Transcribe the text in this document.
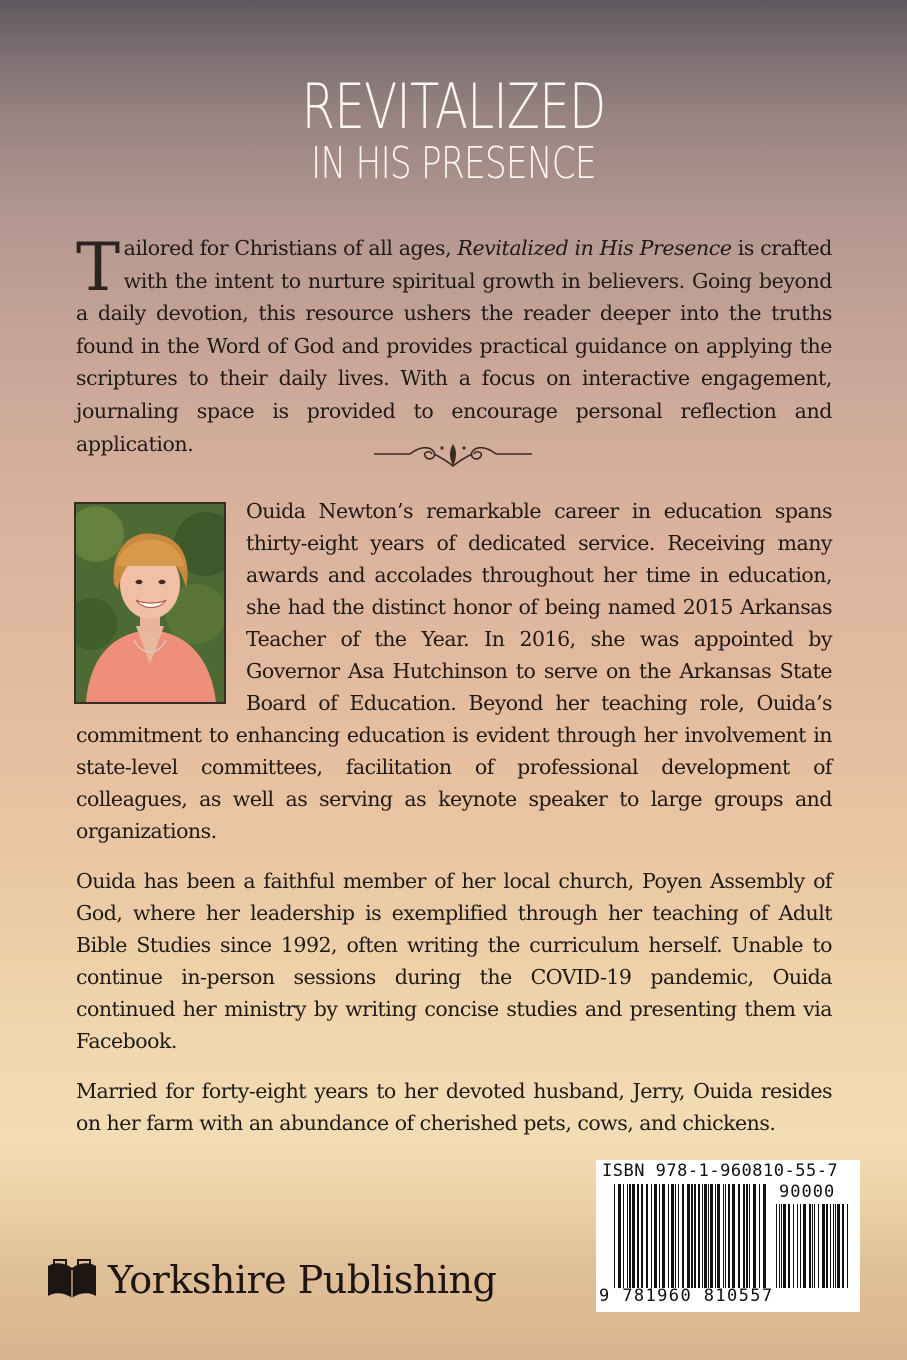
REVITALIZED
IN HIS PRESENCE
Tailored for Christians of all ages, Revitalized in His Presence is crafted with the intent to nurture spiritual growth in believers. Going beyond a daily devotion, this resource ushers the reader deeper into the truths found in the Word of God and provides practical guidance on applying the scriptures to their daily lives. With a focus on interactive engagement, journaling space is provided to encourage personal reflection and application.

Ouida Newton’s remarkable career in education spans thirty-eight years of dedicated service. Receiving many awards and accolades throughout her time in education, she had the distinct honor of being named 2015 Arkansas Teacher of the Year. In 2016, she was appointed by Governor Asa Hutchinson to serve on the Arkansas State Board of Education. Beyond her teaching role, Ouida’s commitment to enhancing education is evident through her involvement in state-level committees, facilitation of professional development of colleagues, as well as serving as keynote speaker to large groups and organizations.

Ouida has been a faithful member of her local church, Poyen Assembly of God, where her leadership is exemplified through her teaching of Adult Bible Studies since 1992, often writing the curriculum herself. Unable to continue in-person sessions during the COVID-19 pandemic, Ouida continued her ministry by writing concise studies and presenting them via Facebook.

Married for forty-eight years to her devoted husband, Jerry, Ouida resides on her farm with an abundance of cherished pets, cows, and chickens.

ISBN 978-1-960810-55-7
90000
9 781960 810557
Yorkshire Publishing
